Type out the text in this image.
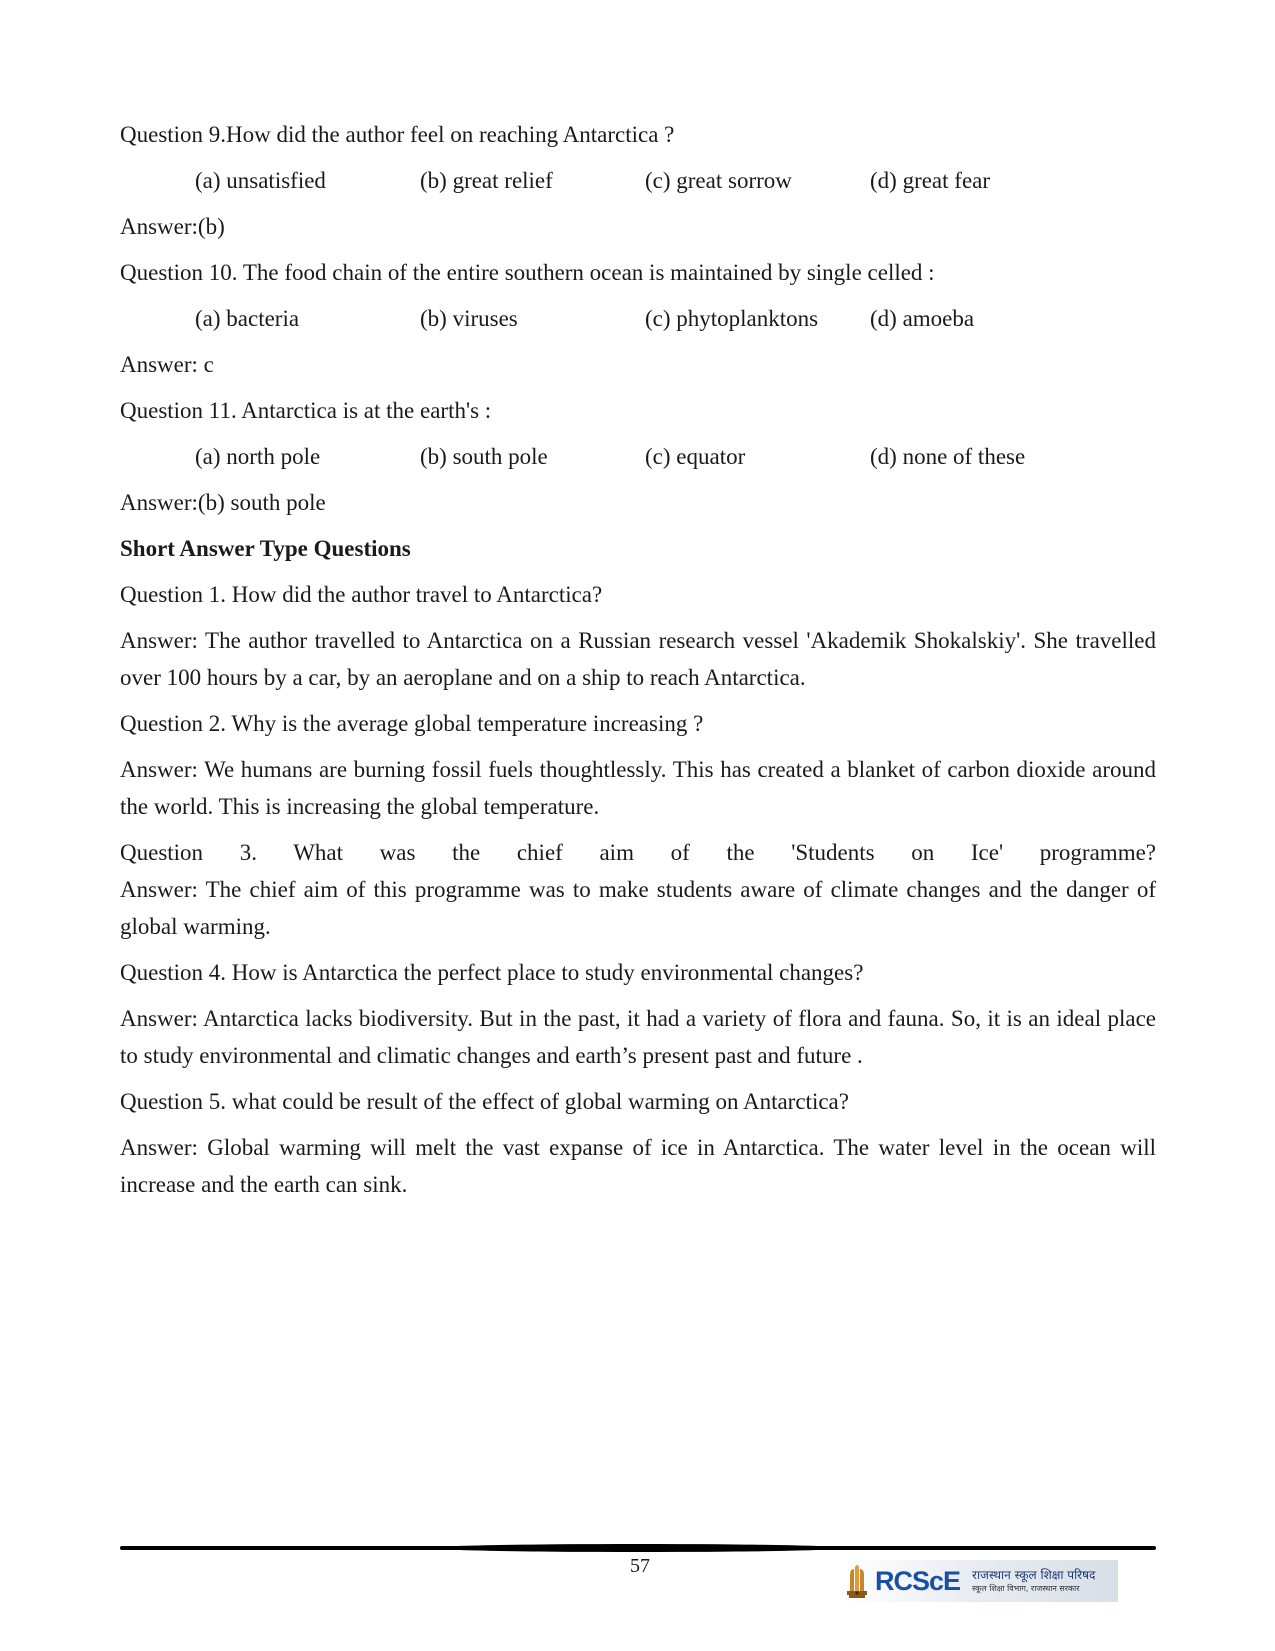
Question 9.How did the author feel on reaching Antarctica ?
(a) unsatisfied	(b) great relief	(c) great sorrow	(d) great fear
Answer:(b)
Question 10. The food chain of the entire southern ocean is maintained by single celled :
(a) bacteria	(b) viruses	(c) phytoplanktons	(d) amoeba
Answer: c
Question 11. Antarctica is at the earth's :
(a) north pole	(b) south pole	(c) equator	(d) none of these
Answer:(b) south pole
Short Answer Type Questions
Question 1. How did the author travel to Antarctica?
Answer: The author travelled to Antarctica on a Russian research vessel 'Akademik Shokalskiy'. She travelled over 100 hours by a car, by an aeroplane and on a ship to reach Antarctica.
Question 2. Why is the average global temperature increasing ?
Answer: We humans are burning fossil fuels thoughtlessly. This has created a blanket of carbon dioxide around the world. This is increasing the global temperature.
Question 3. What was the chief aim of the 'Students on Ice' programme?
Answer: The chief aim of this programme was to make students aware of climate changes and the danger of global warming.
Question 4. How is Antarctica the perfect place to study environmental changes?
Answer: Antarctica lacks biodiversity. But in the past, it had a variety of flora and fauna. So, it is an ideal place to study environmental and climatic changes and earth’s present past and future .
Question 5. what could be result of the effect of global warming on Antarctica?
Answer: Global warming will melt the vast expanse of ice in Antarctica. The water level in the ocean will increase and the earth can sink.
57	RCScE राजस्थान स्कूल शिक्षा परिषद
स्कूल शिक्षा विभाग, राजस्थान सरकार
